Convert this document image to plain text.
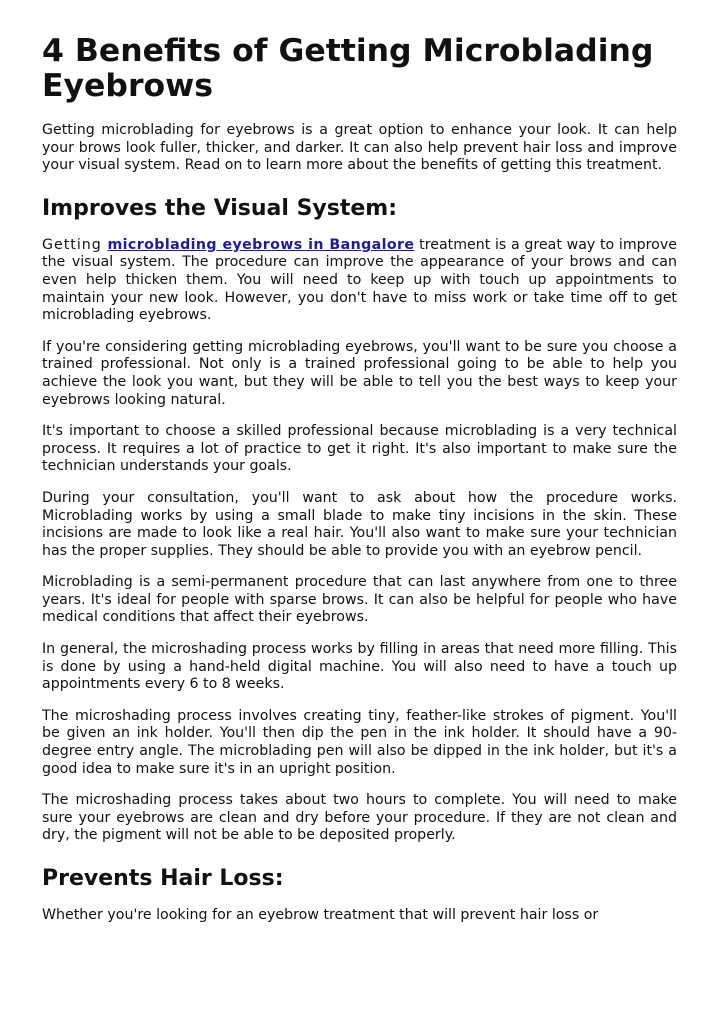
4 Benefits of Getting Microblading Eyebrows

Getting microblading for eyebrows is a great option to enhance your look. It can help your brows look fuller, thicker, and darker. It can also help prevent hair loss and improve your visual system. Read on to learn more about the benefits of getting this treatment.

Improves the Visual System:

Getting microblading eyebrows in Bangalore treatment is a great way to improve the visual system. The procedure can improve the appearance of your brows and can even help thicken them. You will need to keep up with touch up appointments to maintain your new look. However, you don't have to miss work or take time off to get microblading eyebrows.

If you're considering getting microblading eyebrows, you'll want to be sure you choose a trained professional. Not only is a trained professional going to be able to help you achieve the look you want, but they will be able to tell you the best ways to keep your eyebrows looking natural.

It's important to choose a skilled professional because microblading is a very technical process. It requires a lot of practice to get it right. It's also important to make sure the technician understands your goals.

During your consultation, you'll want to ask about how the procedure works. Microblading works by using a small blade to make tiny incisions in the skin. These incisions are made to look like a real hair. You'll also want to make sure your technician has the proper supplies. They should be able to provide you with an eyebrow pencil.

Microblading is a semi-permanent procedure that can last anywhere from one to three years. It's ideal for people with sparse brows. It can also be helpful for people who have medical conditions that affect their eyebrows.

In general, the microshading process works by filling in areas that need more filling. This is done by using a hand-held digital machine. You will also need to have a touch up appointments every 6 to 8 weeks.

The microshading process involves creating tiny, feather-like strokes of pigment. You'll be given an ink holder. You'll then dip the pen in the ink holder. It should have a 90-degree entry angle. The microblading pen will also be dipped in the ink holder, but it's a good idea to make sure it's in an upright position.

The microshading process takes about two hours to complete. You will need to make sure your eyebrows are clean and dry before your procedure. If they are not clean and dry, the pigment will not be able to be deposited properly.

Prevents Hair Loss:

Whether you're looking for an eyebrow treatment that will prevent hair loss or
